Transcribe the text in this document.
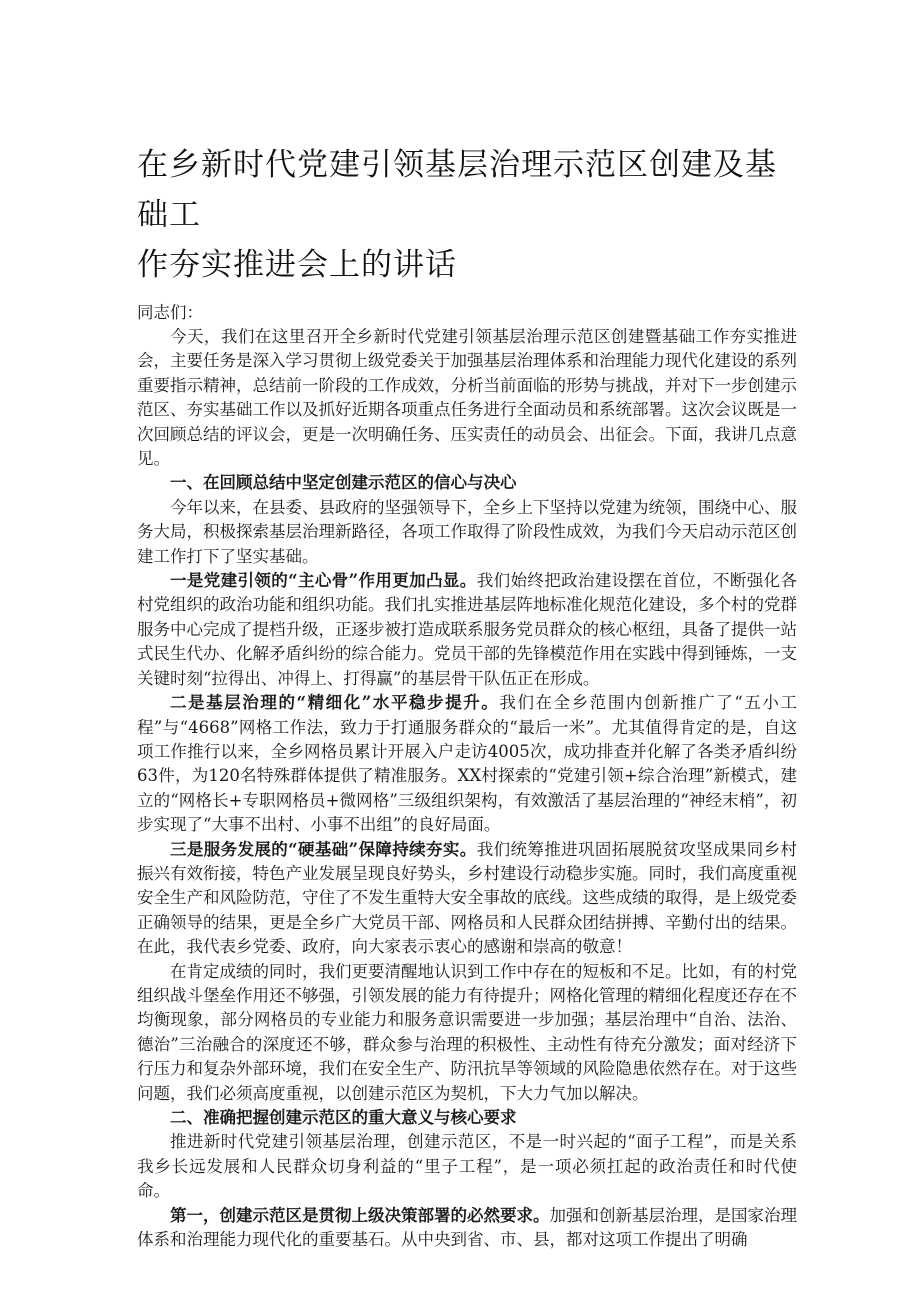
在乡新时代党建引领基层治理示范区创建及基础工
作夯实推进会上的讲话

同志们：

今天，我们在这里召开全乡新时代党建引领基层治理示范区创建暨基础工作夯实推进会，主要任务是深入学习贯彻上级党委关于加强基层治理体系和治理能力现代化建设的系列重要指示精神，总结前一阶段的工作成效，分析当前面临的形势与挑战，并对下一步创建示范区、夯实基础工作以及抓好近期各项重点任务进行全面动员和系统部署。这次会议既是一次回顾总结的评议会，更是一次明确任务、压实责任的动员会、出征会。下面，我讲几点意见。

一、在回顾总结中坚定创建示范区的信心与决心

今年以来，在县委、县政府的坚强领导下，全乡上下坚持以党建为统领，围绕中心、服务大局，积极探索基层治理新路径，各项工作取得了阶段性成效，为我们今天启动示范区创建工作打下了坚实基础。

一是党建引领的“主心骨”作用更加凸显。我们始终把政治建设摆在首位，不断强化各村党组织的政治功能和组织功能。我们扎实推进基层阵地标准化规范化建设，多个村的党群服务中心完成了提档升级，正逐步被打造成联系服务党员群众的核心枢纽，具备了提供一站式民生代办、化解矛盾纠纷的综合能力。党员干部的先锋模范作用在实践中得到锤炼，一支关键时刻“拉得出、冲得上、打得赢”的基层骨干队伍正在形成。

二是基层治理的“精细化”水平稳步提升。我们在全乡范围内创新推广了“五小工程”与“4668”网格工作法，致力于打通服务群众的“最后一米”。尤其值得肯定的是，自这项工作推行以来，全乡网格员累计开展入户走访4005次，成功排查并化解了各类矛盾纠纷63件，为120名特殊群体提供了精准服务。XX村探索的“党建引领+综合治理”新模式，建立的“网格长+专职网格员+微网格”三级组织架构，有效激活了基层治理的“神经末梢”，初步实现了“大事不出村、小事不出组”的良好局面。

三是服务发展的“硬基础”保障持续夯实。我们统筹推进巩固拓展脱贫攻坚成果同乡村振兴有效衔接，特色产业发展呈现良好势头，乡村建设行动稳步实施。同时，我们高度重视安全生产和风险防范，守住了不发生重特大安全事故的底线。这些成绩的取得，是上级党委正确领导的结果，更是全乡广大党员干部、网格员和人民群众团结拼搏、辛勤付出的结果。在此，我代表乡党委、政府，向大家表示衷心的感谢和崇高的敬意！

在肯定成绩的同时，我们更要清醒地认识到工作中存在的短板和不足。比如，有的村党组织战斗堡垒作用还不够强，引领发展的能力有待提升；网格化管理的精细化程度还存在不均衡现象，部分网格员的专业能力和服务意识需要进一步加强；基层治理中“自治、法治、德治”三治融合的深度还不够，群众参与治理的积极性、主动性有待充分激发；面对经济下行压力和复杂外部环境，我们在安全生产、防汛抗旱等领域的风险隐患依然存在。对于这些问题，我们必须高度重视，以创建示范区为契机，下大力气加以解决。

二、准确把握创建示范区的重大意义与核心要求

推进新时代党建引领基层治理，创建示范区，不是一时兴起的“面子工程”，而是关系我乡长远发展和人民群众切身利益的“里子工程”，是一项必须扛起的政治责任和时代使命。

第一，创建示范区是贯彻上级决策部署的必然要求。加强和创新基层治理，是国家治理体系和治理能力现代化的重要基石。从中央到省、市、县，都对这项工作提出了明确
